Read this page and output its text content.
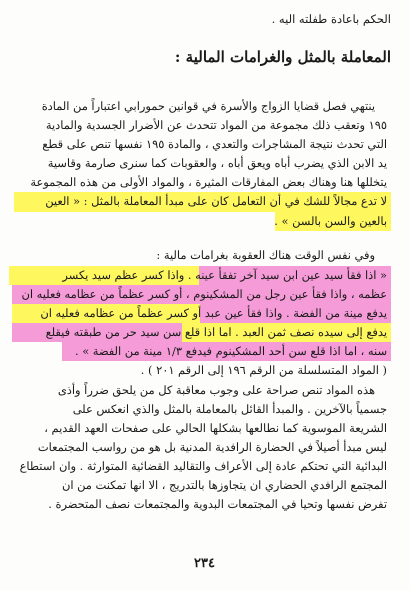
الحكم باعادة طفلته اليه .
المعاملة بالمثل والغرامات المالية :
ينتهي فصل قضايا الزواج والأسرة في قوانين حمورابي اعتباراً من المادة
١٩٥ وتعقب ذلك مجموعة من المواد تتحدث عن الأضرار الجسدية والمادية
التي تحدث نتيجة المشاجرات والتعدي ، والمادة ١٩٥ نفسها تنص على قطع
يد الابن الذي يضرب أباه ويعق أباه ، والعقوبات كما سنرى صارمة وقاسية
يتخللها هنا وهناك بعض المفارقات المثيرة ، والمواد الأولى من هذه المجموعة
لا تدع مجالاً للشك في أن التعامل كان على مبدأ المعاملة بالمثل : « العين
بالعين والسن بالسن » .
وفي نفس الوقت هناك العقوبة بغرامات مالية :
« اذا فقأ سيد عين ابن سيد آخر تفقأ عينه . واذا كسر عظم سيد يكسر
عظمه ، واذا فقأ عين رجل من المشكينوم ، أو كسر عظماً من عظامه فعليه ان
يدفع مينة من الفضة . واذا فقأ عين عبد أو كسر عظماً من عظامه فعليه ان
يدفع إلى سيده نصف ثمن العبد . اما اذا قلع سن سيد حر من طبقته فيقلع
سنه ، اما اذا قلع سن أحد المشكينوم فيدفع ١/٣ مينة من الفضة » .
( المواد المتسلسلة من الرقم ١٩٦ إلى الرقم ٢٠١ ) .
هذه المواد تنص صراحة على وجوب معاقبة كل من يلحق ضرراً وأذى
جسمياً بالآخرين . والمبدأ القائل بالمعاملة بالمثل والذي انعكس على
الشريعة الموسوية كما نطالعها بشكلها الحالي على صفحات العهد القديم ،
ليس مبدأ أصيلاً في الحضارة الرافدية المدنية بل هو من رواسب المجتمعات
البدائية التي تحتكم عادة إلى الأعراف والتقاليد القضائية المتوارثة . وان استطاع
المجتمع الرافدي الحضاري ان يتجاوزها بالتدريج ، الا انها تمكنت من ان
تفرض نفسها وتحيا في المجتمعات البدوية والمجتمعات نصف المتحضرة .
٢٣٤
